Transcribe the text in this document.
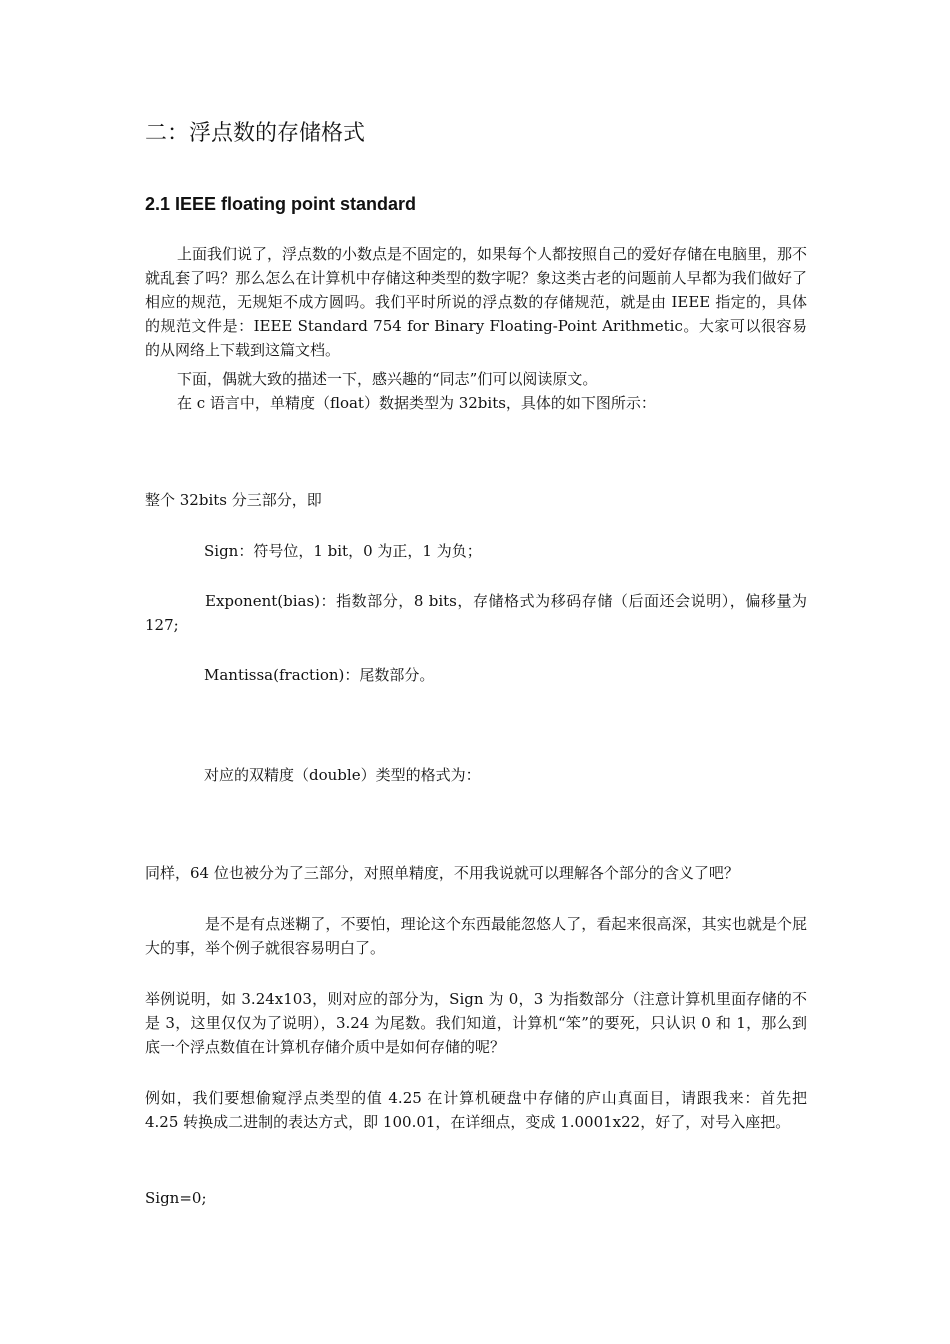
二：浮点数的存储格式
2.1 IEEE floating point standard

上面我们说了，浮点数的小数点是不固定的，如果每个人都按照自己的爱好存储在电脑里，那不就乱套了吗？那么怎么在计算机中存储这种类型的数字呢？象这类古老的问题前人早都为我们做好了相应的规范，无规矩不成方圆吗。我们平时所说的浮点数的存储规范，就是由 IEEE 指定的，具体的规范文件是：IEEE Standard 754 for Binary Floating-Point Arithmetic。大家可以很容易的从网络上下载到这篇文档。

下面，偶就大致的描述一下，感兴趣的“同志”们可以阅读原文。

在 c 语言中，单精度（float）数据类型为 32bits，具体的如下图所示：

整个 32bits 分三部分，即

Sign：符号位，1 bit，0 为正，1 为负；

Exponent(bias)：指数部分，8 bits，存储格式为移码存储（后面还会说明），偏移量为 127;

Mantissa(fraction)：尾数部分。

对应的双精度（double）类型的格式为：

同样，64 位也被分为了三部分，对照单精度，不用我说就可以理解各个部分的含义了吧？

是不是有点迷糊了，不要怕，理论这个东西最能忽悠人了，看起来很高深，其实也就是个屁大的事，举个例子就很容易明白了。

举例说明，如 3.24x103，则对应的部分为，Sign 为 0，3 为指数部分（注意计算机里面存储的不是 3，这里仅仅为了说明），3.24 为尾数。我们知道，计算机“笨”的要死，只认识 0 和 1，那么到底一个浮点数值在计算机存储介质中是如何存储的呢？

例如，我们要想偷窥浮点类型的值 4.25 在计算机硬盘中存储的庐山真面目，请跟我来：首先把 4.25 转换成二进制的表达方式，即 100.01，在详细点，变成 1.0001x22，好了，对号入座把。

Sign=0;
